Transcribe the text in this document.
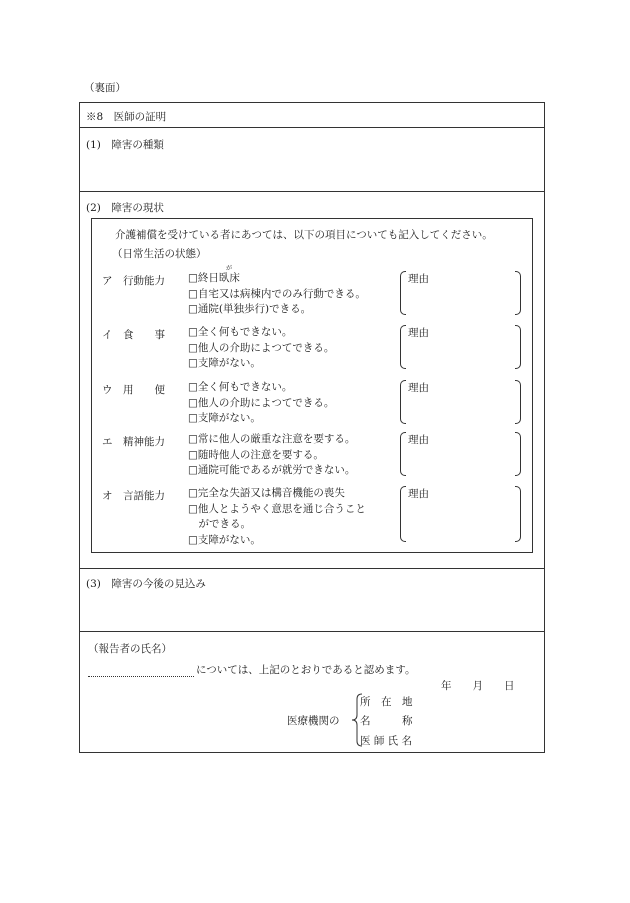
（裏面）
※8　医師の証明
(1)　障害の種類
(2)　障害の現状
介護補償を受けている者にあつては、以下の項目についても記入してください。
（日常生活の状態）
が
ア　行動能力 □終日臥床
□自宅又は病棟内でのみ行動できる。
□通院(単独歩行)できる。
理由
イ　食　　事 □全く何もできない。
□他人の介助によつてできる。
□支障がない。
理由
ウ　用　　便 □全く何もできない。
□他人の介助によつてできる。
□支障がない。
理由
エ　精神能力 □常に他人の厳重な注意を要する。
□随時他人の注意を要する。
□通院可能であるが就労できない。
理由
オ　言語能力 □完全な失語又は構音機能の喪失
□他人とようやく意思を通じ合うこと
　ができる。
□支障がない。
理由
(3)　障害の今後の見込み
（報告者の氏名）
については、上記のとおりであると認めます。
年　　月　　日
医療機関の
所　在　地
名　　　称
医 師 氏 名
